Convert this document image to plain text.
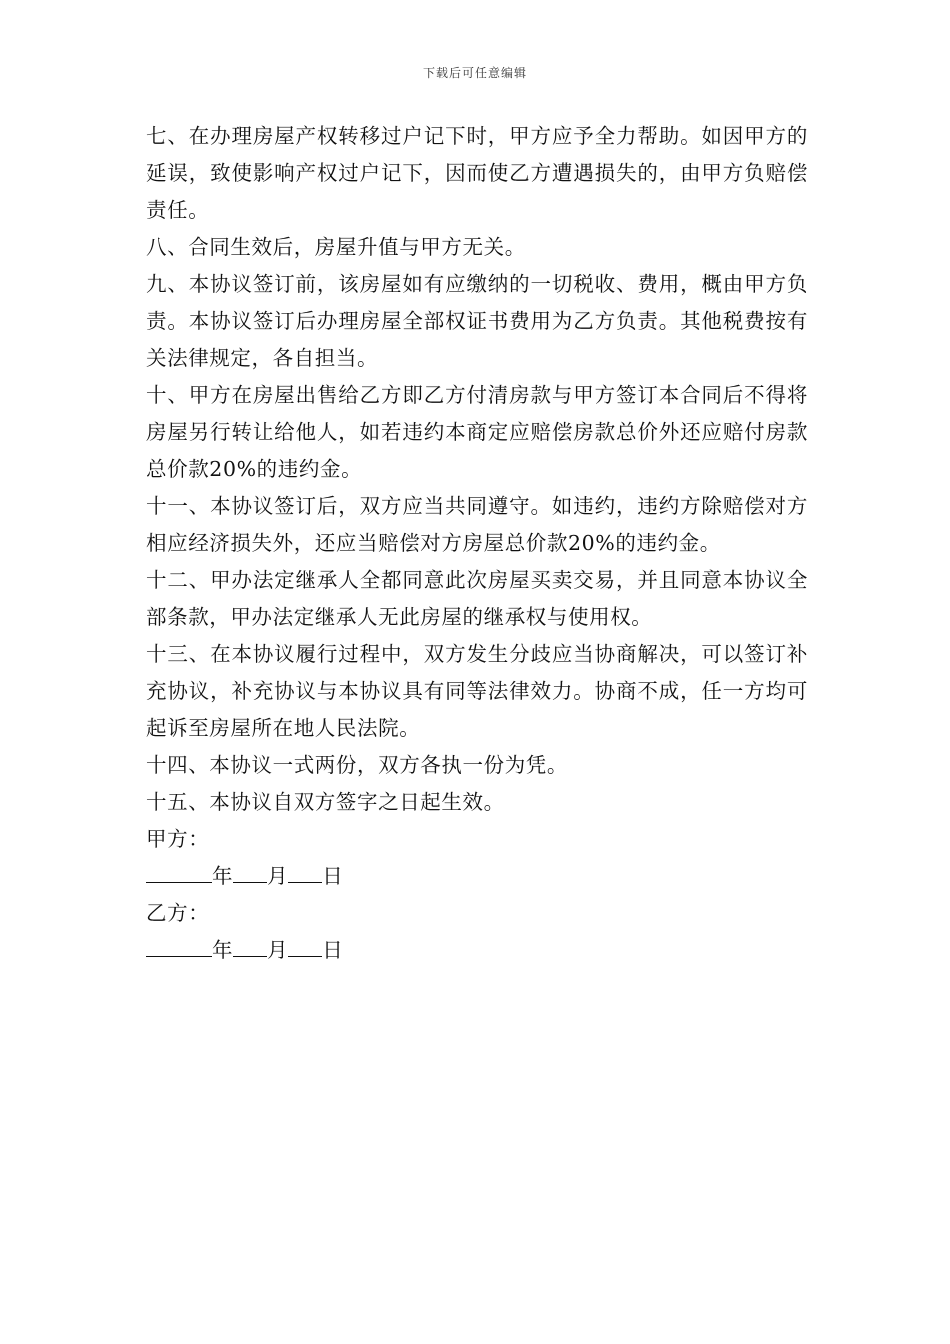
下载后可任意编辑

七、在办理房屋产权转移过户记下时，甲方应予全力帮助。如因甲方的延误，致使影响产权过户记下，因而使乙方遭遇损失的，由甲方负赔偿责任。

八、合同生效后，房屋升值与甲方无关。

九、本协议签订前，该房屋如有应缴纳的一切税收、费用，概由甲方负责。本协议签订后办理房屋全部权证书费用为乙方负责。其他税费按有关法律规定，各自担当。

十、甲方在房屋出售给乙方即乙方付清房款与甲方签订本合同后不得将房屋另行转让给他人，如若违约本商定应赔偿房款总价外还应赔付房款总价款20%的违约金。

十一、本协议签订后，双方应当共同遵守。如违约，违约方除赔偿对方相应经济损失外，还应当赔偿对方房屋总价款20%的违约金。

十二、甲办法定继承人全都同意此次房屋买卖交易，并且同意本协议全部条款，甲办法定继承人无此房屋的继承权与使用权。

十三、在本协议履行过程中，双方发生分歧应当协商解决，可以签订补充协议，补充协议与本协议具有同等法律效力。协商不成，任一方均可起诉至房屋所在地人民法院。

十四、本协议一式两份，双方各执一份为凭。

十五、本协议自双方签字之日起生效。

甲方：

年 月 日

乙方：

年 月 日
